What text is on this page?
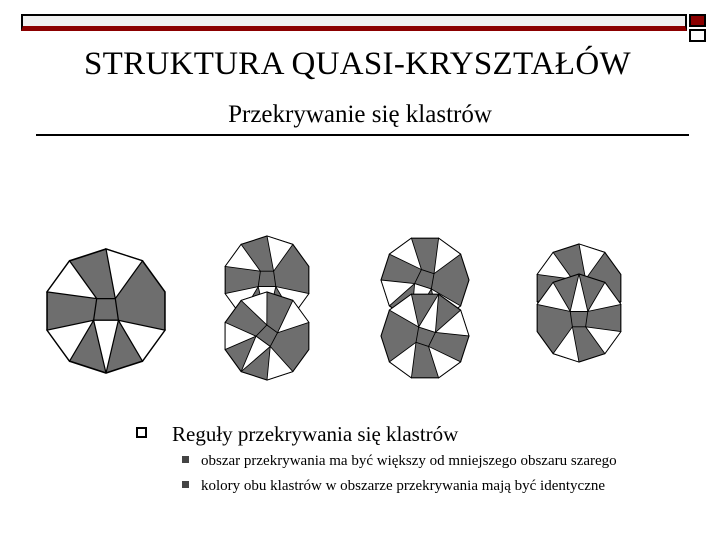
STRUKTURA QUASI-KRYSZTAŁÓW
Przekrywanie się klastrów
Reguły przekrywania się klastrów
obszar przekrywania ma być większy od mniejszego obszaru szarego
kolory obu klastrów w obszarze przekrywania mają być identyczne
